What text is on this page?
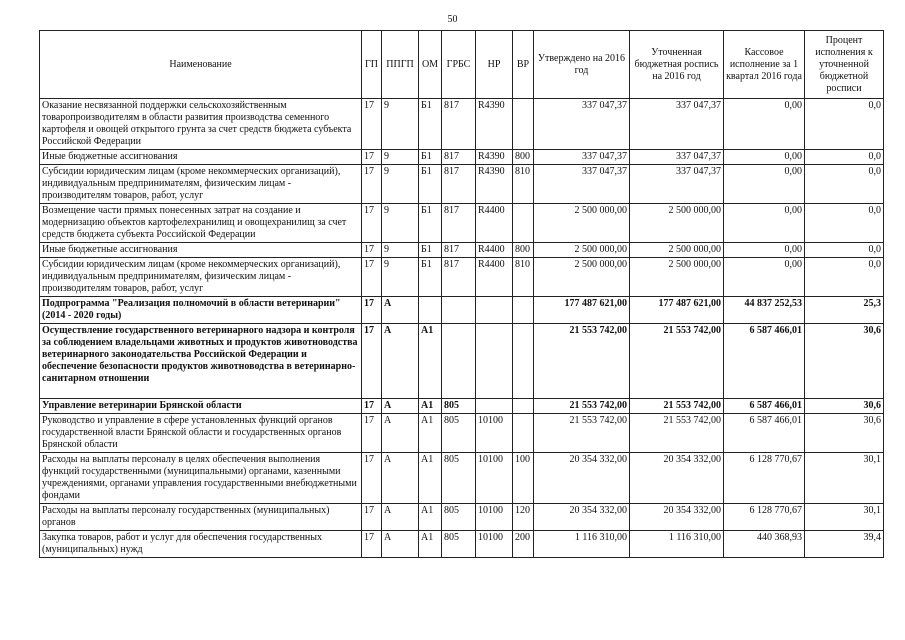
50
Наименование	ГП	ППГП	ОМ	ГРБС	НР	ВР	Утверждено на 2016 год	Уточненная бюджетная роспись на 2016 год	Кассовое исполнение за 1 квартал 2016 года	Процент исполнения к уточненной бюджетной росписи
Оказание несвязанной поддержки сельскохозяйственным товаропроизводителям в области развития производства семенного картофеля и овощей открытого грунта за счет средств бюджета субъекта Российской Федерации	17	9	Б1	817	R4390		337 047,37	337 047,37	0,00	0,0
Иные бюджетные ассигнования	17	9	Б1	817	R4390	800	337 047,37	337 047,37	0,00	0,0
Субсидии юридическим лицам (кроме некоммерческих организаций), индивидуальным предпринимателям, физическим лицам - производителям товаров, работ, услуг	17	9	Б1	817	R4390	810	337 047,37	337 047,37	0,00	0,0
Возмещение части прямых понесенных затрат на создание и модернизацию объектов картофелехранилищ и овощехранилищ за счет средств бюджета субъекта Российской Федерации	17	9	Б1	817	R4400		2 500 000,00	2 500 000,00	0,00	0,0
Иные бюджетные ассигнования	17	9	Б1	817	R4400	800	2 500 000,00	2 500 000,00	0,00	0,0
Субсидии юридическим лицам (кроме некоммерческих организаций), индивидуальным предпринимателям, физическим лицам - производителям товаров, работ, услуг	17	9	Б1	817	R4400	810	2 500 000,00	2 500 000,00	0,00	0,0
Подпрограмма "Реализация полномочий в области ветеринарии" (2014 - 2020 годы)	17	А					177 487 621,00	177 487 621,00	44 837 252,53	25,3
Осуществление государственного ветеринарного надзора и контроля за соблюдением владельцами животных и продуктов животноводства ветеринарного законодательства Российской Федерации и обеспечение безопасности продуктов животноводства в ветеринарно-санитарном отношении	17	А	А1				21 553 742,00	21 553 742,00	6 587 466,01	30,6
Управление ветеринарии Брянской области	17	А	А1	805			21 553 742,00	21 553 742,00	6 587 466,01	30,6
Руководство и управление в сфере установленных функций органов государственной власти Брянской области и государственных органов Брянской области	17	А	А1	805	10100		21 553 742,00	21 553 742,00	6 587 466,01	30,6
Расходы на выплаты персоналу в целях обеспечения выполнения функций государственными (муниципальными) органами, казенными учреждениями, органами управления государственными внебюджетными фондами	17	А	А1	805	10100	100	20 354 332,00	20 354 332,00	6 128 770,67	30,1
Расходы на выплаты персоналу государственных (муниципальных) органов	17	А	А1	805	10100	120	20 354 332,00	20 354 332,00	6 128 770,67	30,1
Закупка товаров, работ и услуг для обеспечения государственных (муниципальных) нужд	17	А	А1	805	10100	200	1 116 310,00	1 116 310,00	440 368,93	39,4
